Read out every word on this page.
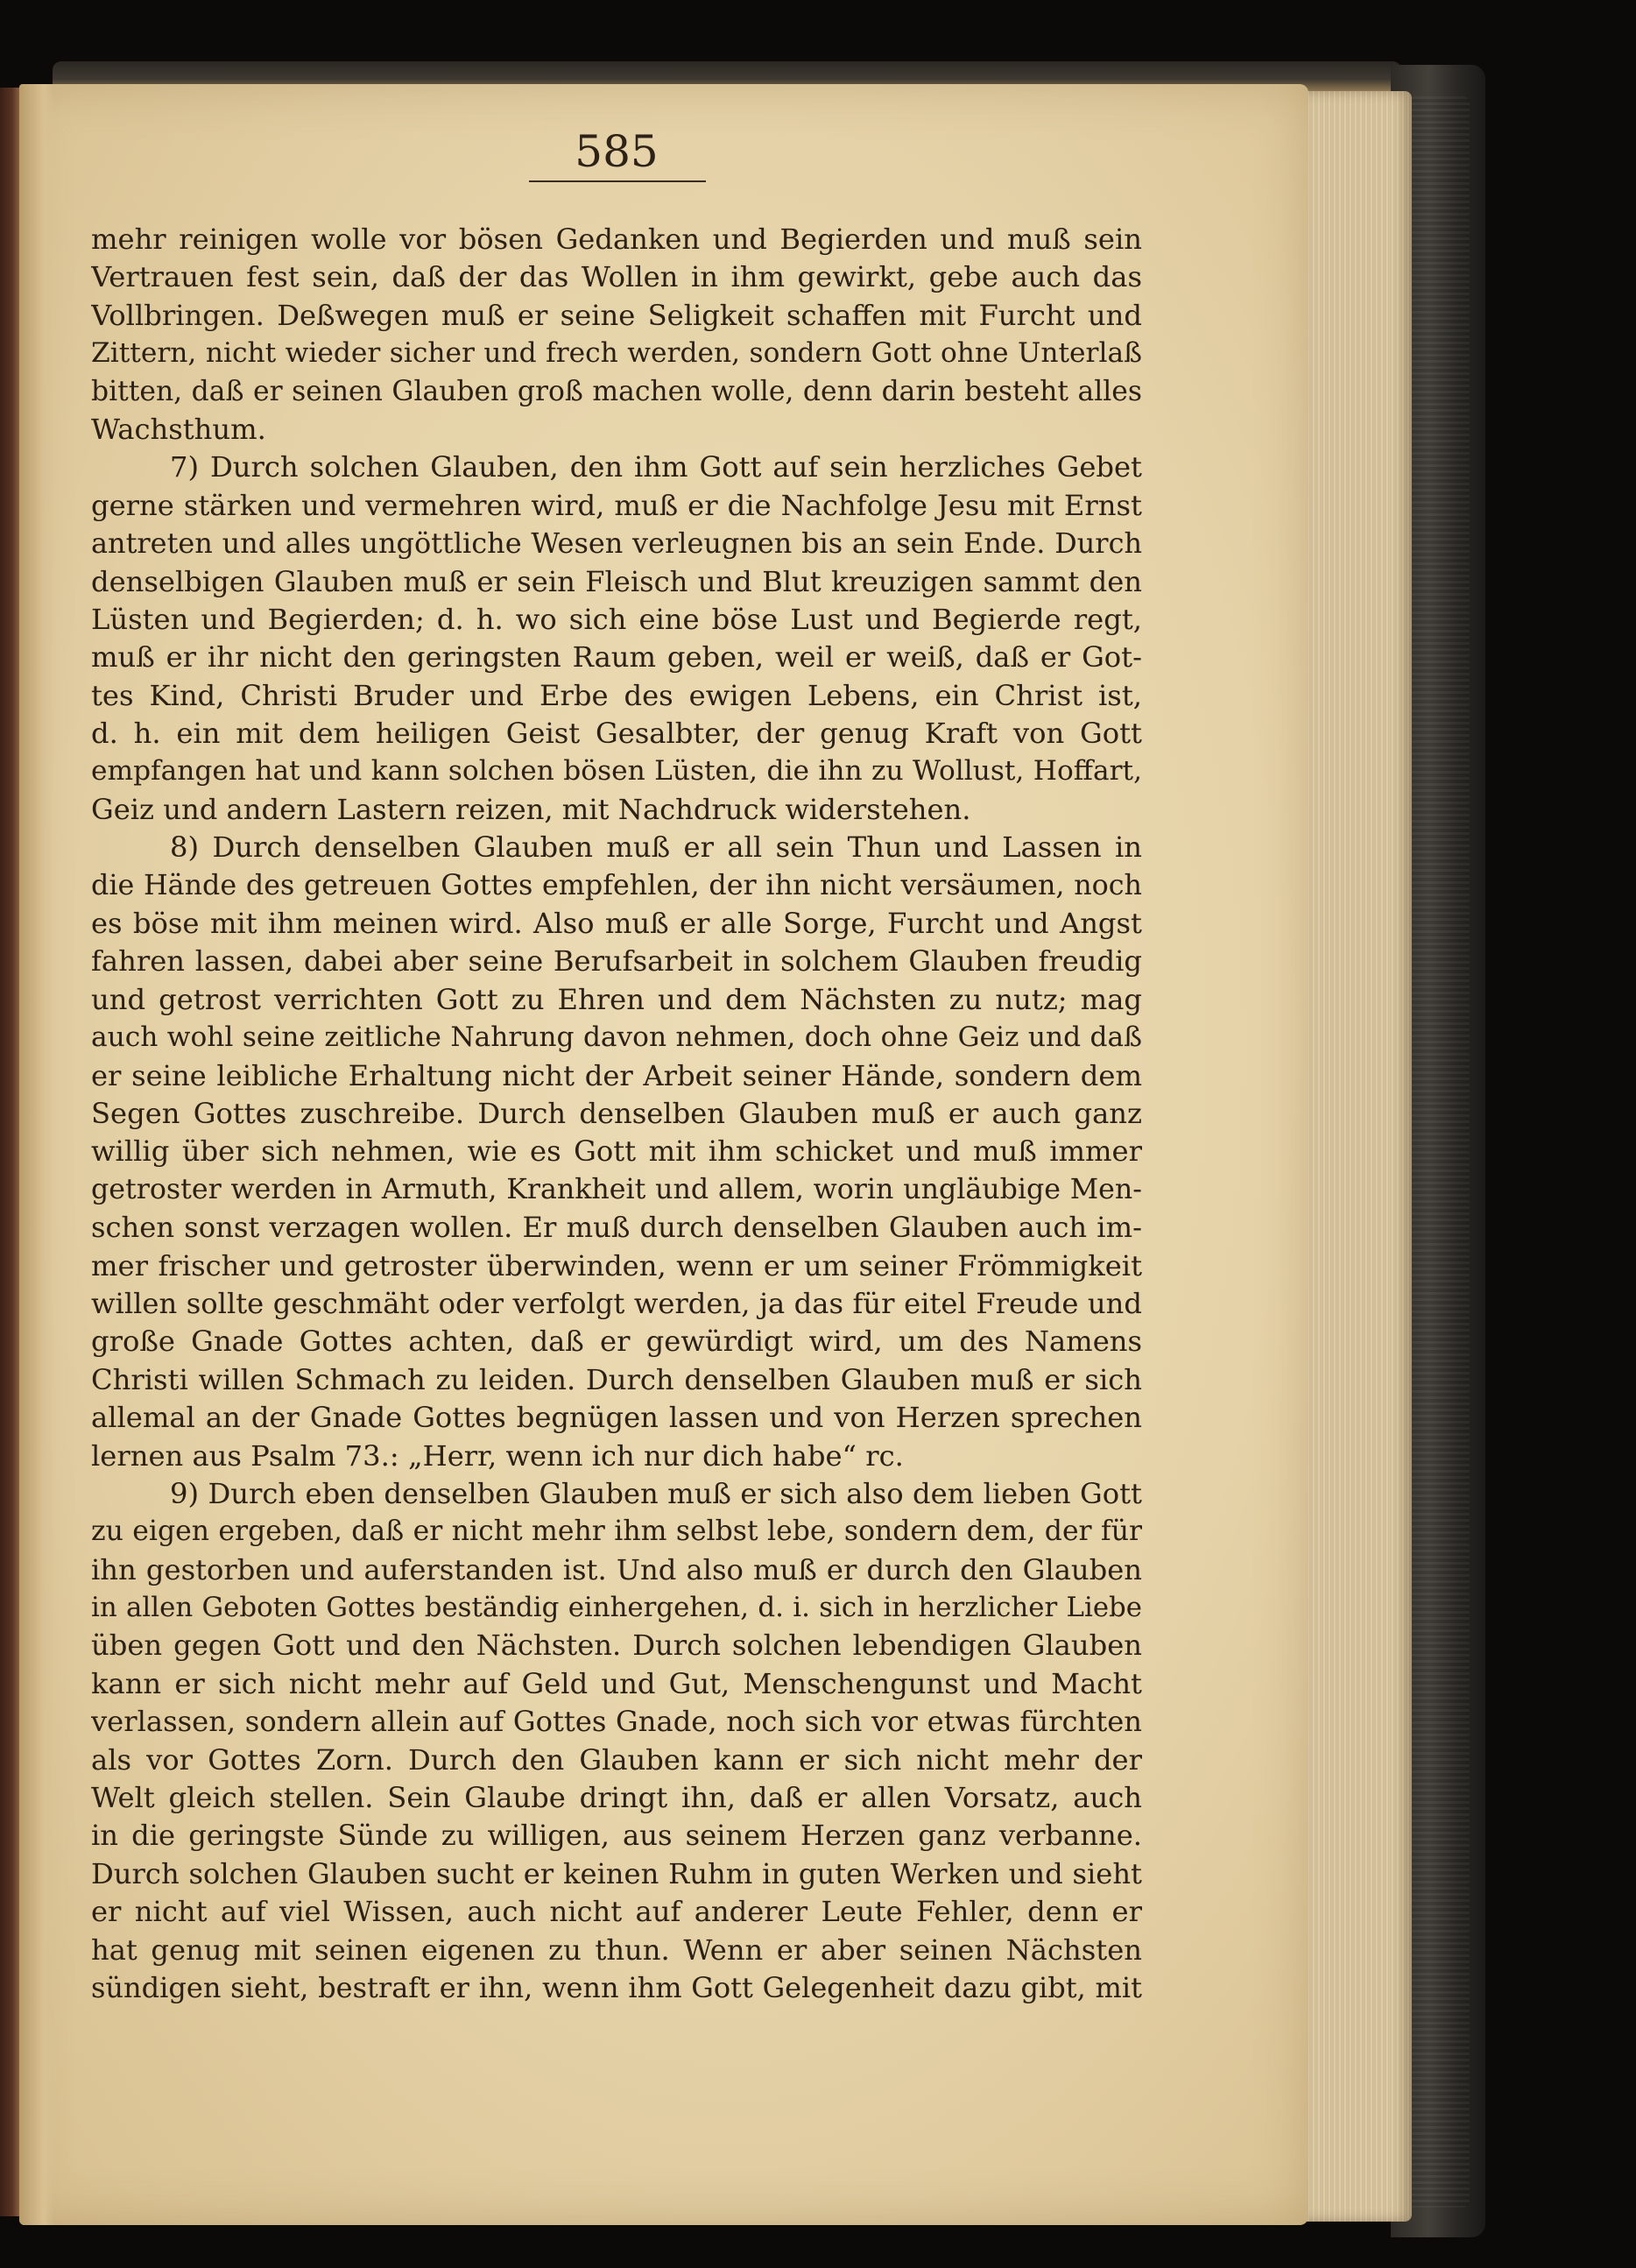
585
mehr reinigen wolle vor bösen Gedanken und Begierden und muß sein
Vertrauen fest sein, daß der das Wollen in ihm gewirkt, gebe auch das
Vollbringen. Deßwegen muß er seine Seligkeit schaffen mit Furcht und
Zittern, nicht wieder sicher und frech werden, sondern Gott ohne Unterlaß
bitten, daß er seinen Glauben groß machen wolle, denn darin besteht alles
Wachsthum.
7) Durch solchen Glauben, den ihm Gott auf sein herzliches Gebet
gerne stärken und vermehren wird, muß er die Nachfolge Jesu mit Ernst
antreten und alles ungöttliche Wesen verleugnen bis an sein Ende. Durch
denselbigen Glauben muß er sein Fleisch und Blut kreuzigen sammt den
Lüsten und Begierden; d. h. wo sich eine böse Lust und Begierde regt,
muß er ihr nicht den geringsten Raum geben, weil er weiß, daß er Got-
tes Kind, Christi Bruder und Erbe des ewigen Lebens, ein Christ ist,
d. h. ein mit dem heiligen Geist Gesalbter, der genug Kraft von Gott
empfangen hat und kann solchen bösen Lüsten, die ihn zu Wollust, Hoffart,
Geiz und andern Lastern reizen, mit Nachdruck widerstehen.
8) Durch denselben Glauben muß er all sein Thun und Lassen in
die Hände des getreuen Gottes empfehlen, der ihn nicht versäumen, noch
es böse mit ihm meinen wird. Also muß er alle Sorge, Furcht und Angst
fahren lassen, dabei aber seine Berufsarbeit in solchem Glauben freudig
und getrost verrichten Gott zu Ehren und dem Nächsten zu nutz; mag
auch wohl seine zeitliche Nahrung davon nehmen, doch ohne Geiz und daß
er seine leibliche Erhaltung nicht der Arbeit seiner Hände, sondern dem
Segen Gottes zuschreibe. Durch denselben Glauben muß er auch ganz
willig über sich nehmen, wie es Gott mit ihm schicket und muß immer
getroster werden in Armuth, Krankheit und allem, worin ungläubige Men-
schen sonst verzagen wollen. Er muß durch denselben Glauben auch im-
mer frischer und getroster überwinden, wenn er um seiner Frömmigkeit
willen sollte geschmäht oder verfolgt werden, ja das für eitel Freude und
große Gnade Gottes achten, daß er gewürdigt wird, um des Namens
Christi willen Schmach zu leiden. Durch denselben Glauben muß er sich
allemal an der Gnade Gottes begnügen lassen und von Herzen sprechen
lernen aus Psalm 73.: „Herr, wenn ich nur dich habe“ rc.
9) Durch eben denselben Glauben muß er sich also dem lieben Gott
zu eigen ergeben, daß er nicht mehr ihm selbst lebe, sondern dem, der für
ihn gestorben und auferstanden ist. Und also muß er durch den Glauben
in allen Geboten Gottes beständig einhergehen, d. i. sich in herzlicher Liebe
üben gegen Gott und den Nächsten. Durch solchen lebendigen Glauben
kann er sich nicht mehr auf Geld und Gut, Menschengunst und Macht
verlassen, sondern allein auf Gottes Gnade, noch sich vor etwas fürchten
als vor Gottes Zorn. Durch den Glauben kann er sich nicht mehr der
Welt gleich stellen. Sein Glaube dringt ihn, daß er allen Vorsatz, auch
in die geringste Sünde zu willigen, aus seinem Herzen ganz verbanne.
Durch solchen Glauben sucht er keinen Ruhm in guten Werken und sieht
er nicht auf viel Wissen, auch nicht auf anderer Leute Fehler, denn er
hat genug mit seinen eigenen zu thun. Wenn er aber seinen Nächsten
sündigen sieht, bestraft er ihn, wenn ihm Gott Gelegenheit dazu gibt, mit
